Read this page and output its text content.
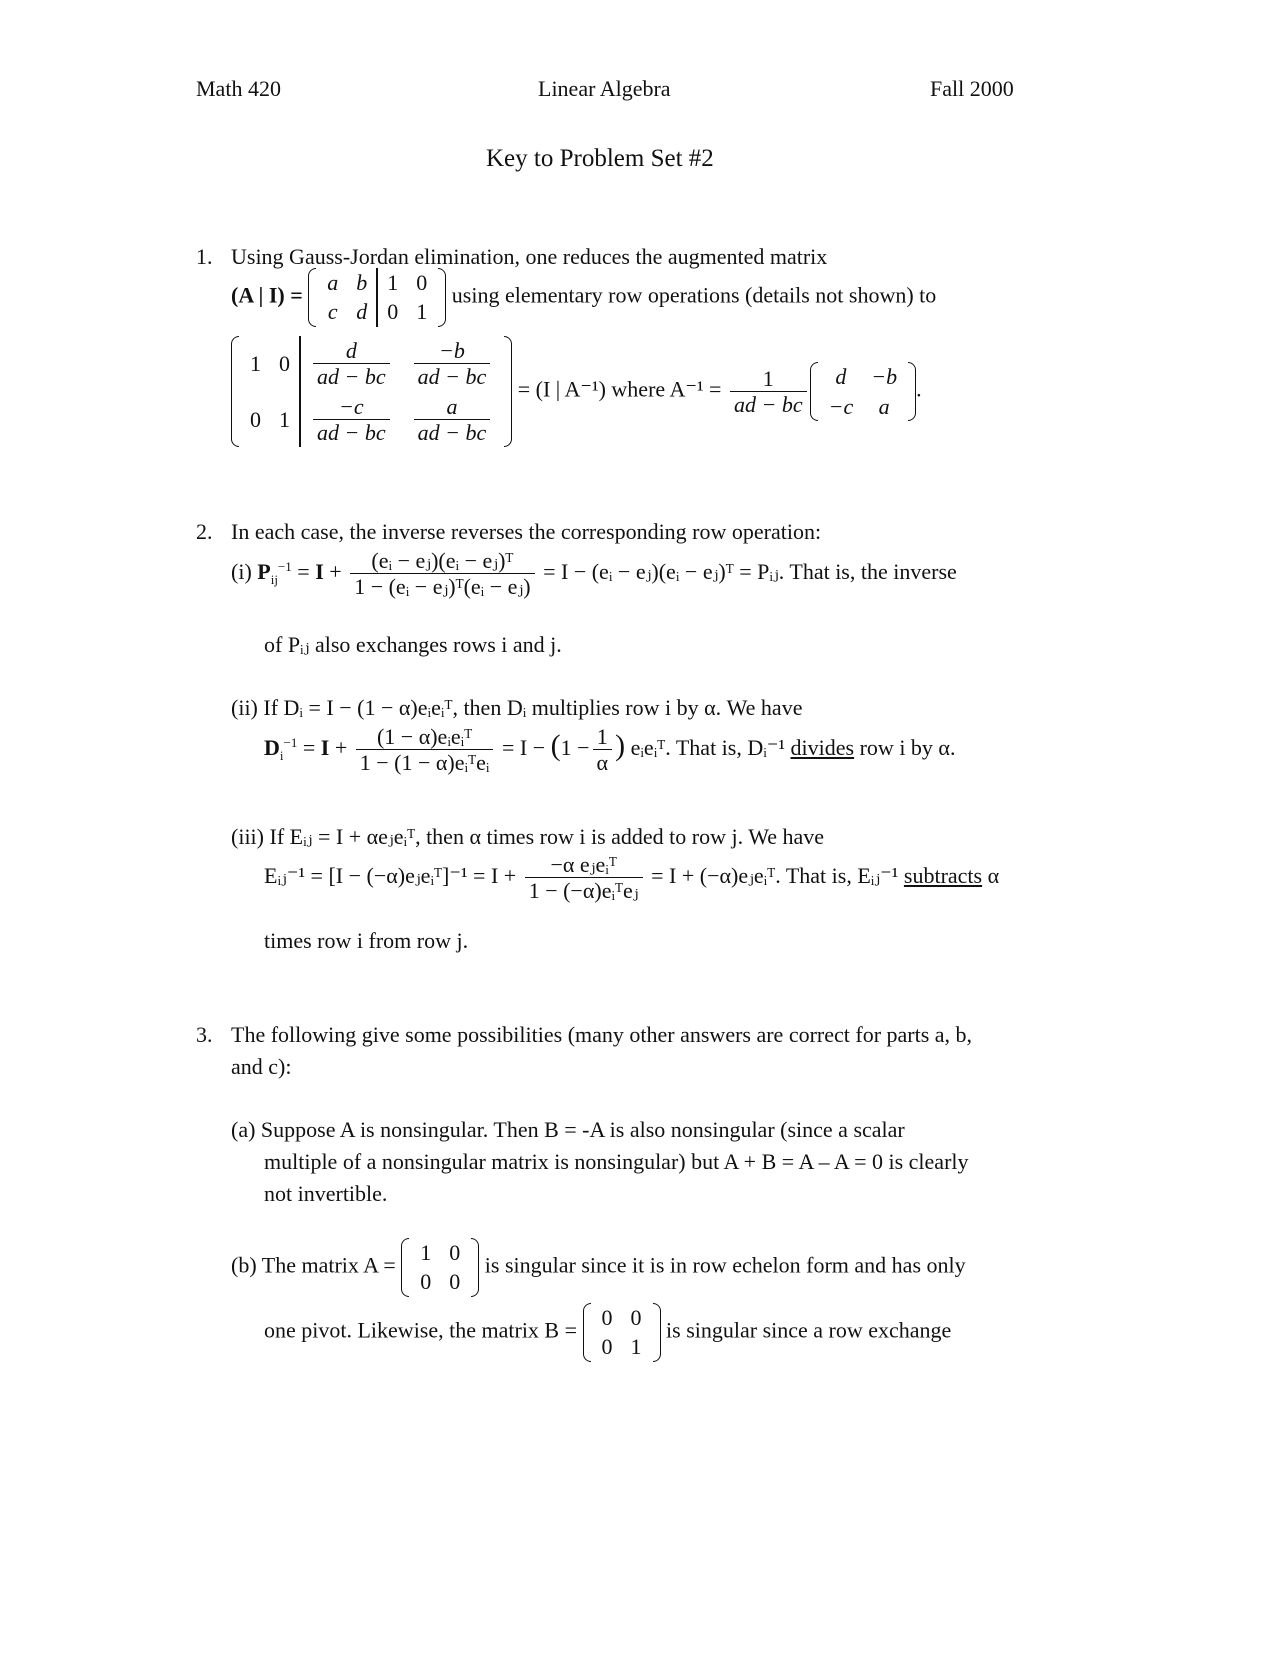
Math 420	Linear Algebra	Fall 2000
Key to Problem Set #2
1. Using Gauss-Jordan elimination, one reduces the augmented matrix
(A | I) = a	b	1	0
c	d	0	1
using elementary row operations (details not shown) to
1	0	$\frac{d}{ad - bc}$	$\frac{-b}{ad - bc}$

0	1	$\frac{-c}{ad - bc}$	$\frac{a}{ad - bc}$
= (I | A⁻¹) where $A^{-1} = \frac{1}{ad - bc}$ d	−b
−c	a
.
2. In each case, the inverse reverses the corresponding row operation:
(i) $P_{ij}^{-1} = I + \frac{\text{(eᵢ − eⱼ)(eᵢ − eⱼ)ᵀ}}{\text{1 − (eᵢ − eⱼ)ᵀ(eᵢ − eⱼ)}} = I$ − (eᵢ − eⱼ)(eᵢ − eⱼ)ᵀ = Pᵢⱼ. That is, the inverse
of Pᵢⱼ also exchanges rows i and j.
(ii) If Dᵢ = I − (1 − α)eᵢeᵢᵀ, then Dᵢ multiplies row i by α. We have
$D_i^{-1} = I + \frac{\text{(1 − α)eᵢeᵢᵀ}}{\text{1 − (1 − α)eᵢᵀeᵢ}} = I - (1 - \frac{1}{\alpha}$ ) eᵢeᵢᵀ. That is, Dᵢ⁻¹ divides row i by α.
(iii) If Eᵢⱼ = I + αeⱼeᵢᵀ, then α times row i is added to row j. We have
Eᵢⱼ⁻¹ = [I − (−α)eⱼeᵢᵀ]⁻¹ = $I + \frac{\text{−α eⱼeᵢᵀ}}{\text{1 − (−α)eᵢᵀeⱼ}} = I$ + (−α)eⱼeᵢᵀ. That is, Eᵢⱼ⁻¹ subtracts α
times row i from row j.
3. The following give some possibilities (many other answers are correct for parts a, b,
and c):
(a) Suppose A is nonsingular. Then B = -A is also nonsingular (since a scalar
multiple of a nonsingular matrix is nonsingular) but A + B = A – A = 0 is clearly
not invertible.
(b) The matrix A = 1	0
0	0
is singular since it is in row echelon form and has only
one pivot. Likewise, the matrix B = 0	0
0	1
is singular since a row exchange
